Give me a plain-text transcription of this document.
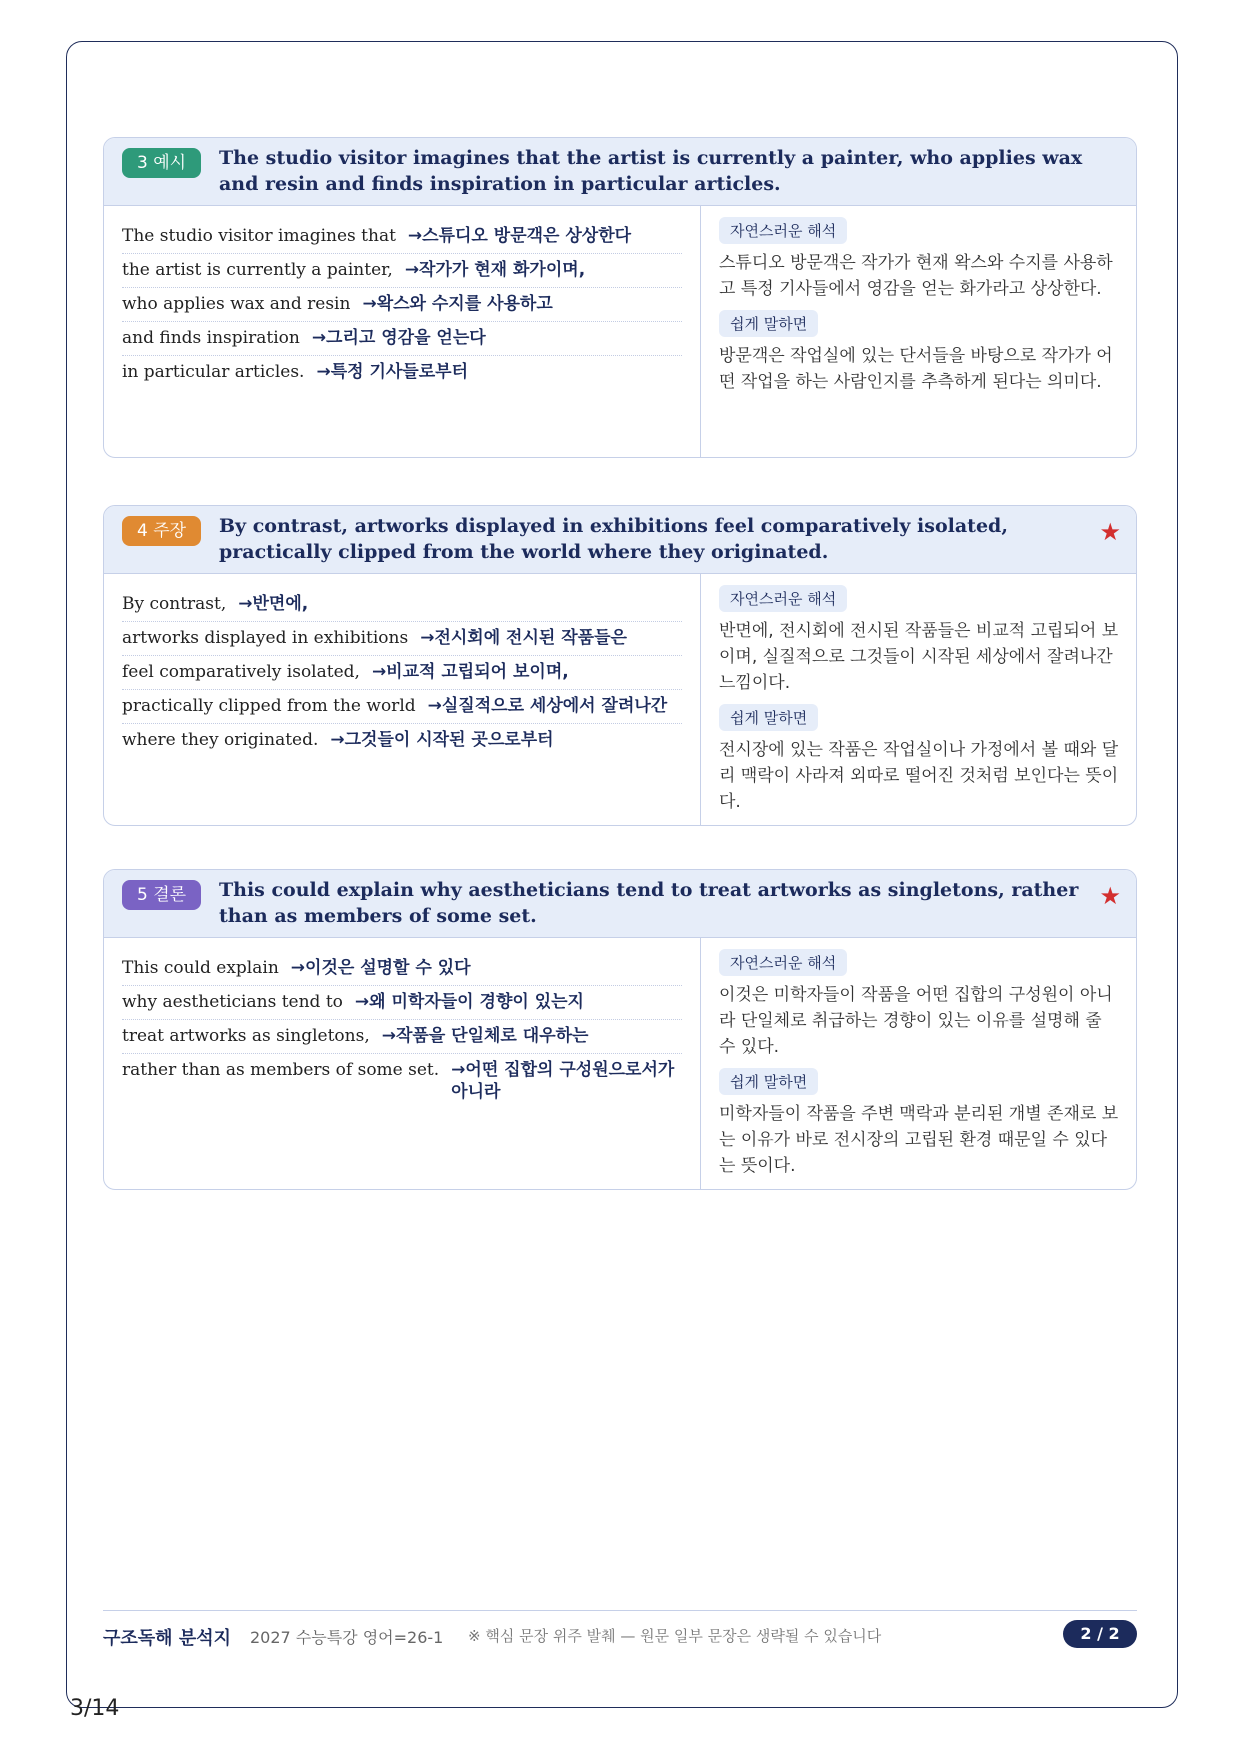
3 예시	The studio visitor imagines that the artist is currently a painter, who applies wax and resin and finds inspiration in particular articles.
The studio visitor imagines that →스튜디오 방문객은 상상한다
the artist is currently a painter, →작가가 현재 화가이며,
who applies wax and resin →왁스와 수지를 사용하고
and finds inspiration →그리고 영감을 얻는다
in particular articles. →특정 기사들로부터
자연스러운 해석

스튜디오 방문객은 작가가 현재 왁스와 수지를 사용하고 특정 기사들에서 영감을 얻는 화가라고 상상한다.

쉽게 말하면

방문객은 작업실에 있는 단서들을 바탕으로 작가가 어떤 작업을 하는 사람인지를 추측하게 된다는 의미다.

4 주장	By contrast, artworks displayed in exhibitions feel comparatively isolated, practically clipped from the world where they originated.
★
By contrast, →반면에,
artworks displayed in exhibitions →전시회에 전시된 작품들은
feel comparatively isolated, →비교적 고립되어 보이며,
practically clipped from the world →실질적으로 세상에서 잘려나간
where they originated. →그것들이 시작된 곳으로부터
자연스러운 해석

반면에, 전시회에 전시된 작품들은 비교적 고립되어 보이며, 실질적으로 그것들이 시작된 세상에서 잘려나간 느낌이다.

쉽게 말하면

전시장에 있는 작품은 작업실이나 가정에서 볼 때와 달리 맥락이 사라져 외따로 떨어진 것처럼 보인다는 뜻이다.

5 결론	This could explain why aestheticians tend to treat artworks as singletons, rather than as members of some set.
★
This could explain →이것은 설명할 수 있다
why aestheticians tend to →왜 미학자들이 경향이 있는지
treat artworks as singletons, →작품을 단일체로 대우하는
rather than as members of some set. →어떤 집합의 구성원으로서가 아니라
자연스러운 해석

이것은 미학자들이 작품을 어떤 집합의 구성원이 아니라 단일체로 취급하는 경향이 있는 이유를 설명해 줄 수 있다.

쉽게 말하면

미학자들이 작품을 주변 맥락과 분리된 개별 존재로 보는 이유가 바로 전시장의 고립된 환경 때문일 수 있다는 뜻이다.

구조독해 분석지 2027 수능특강 영어=26-1 ※ 핵심 문장 위주 발췌 — 원문 일부 문장은 생략될 수 있습니다	2 / 2
3/14
